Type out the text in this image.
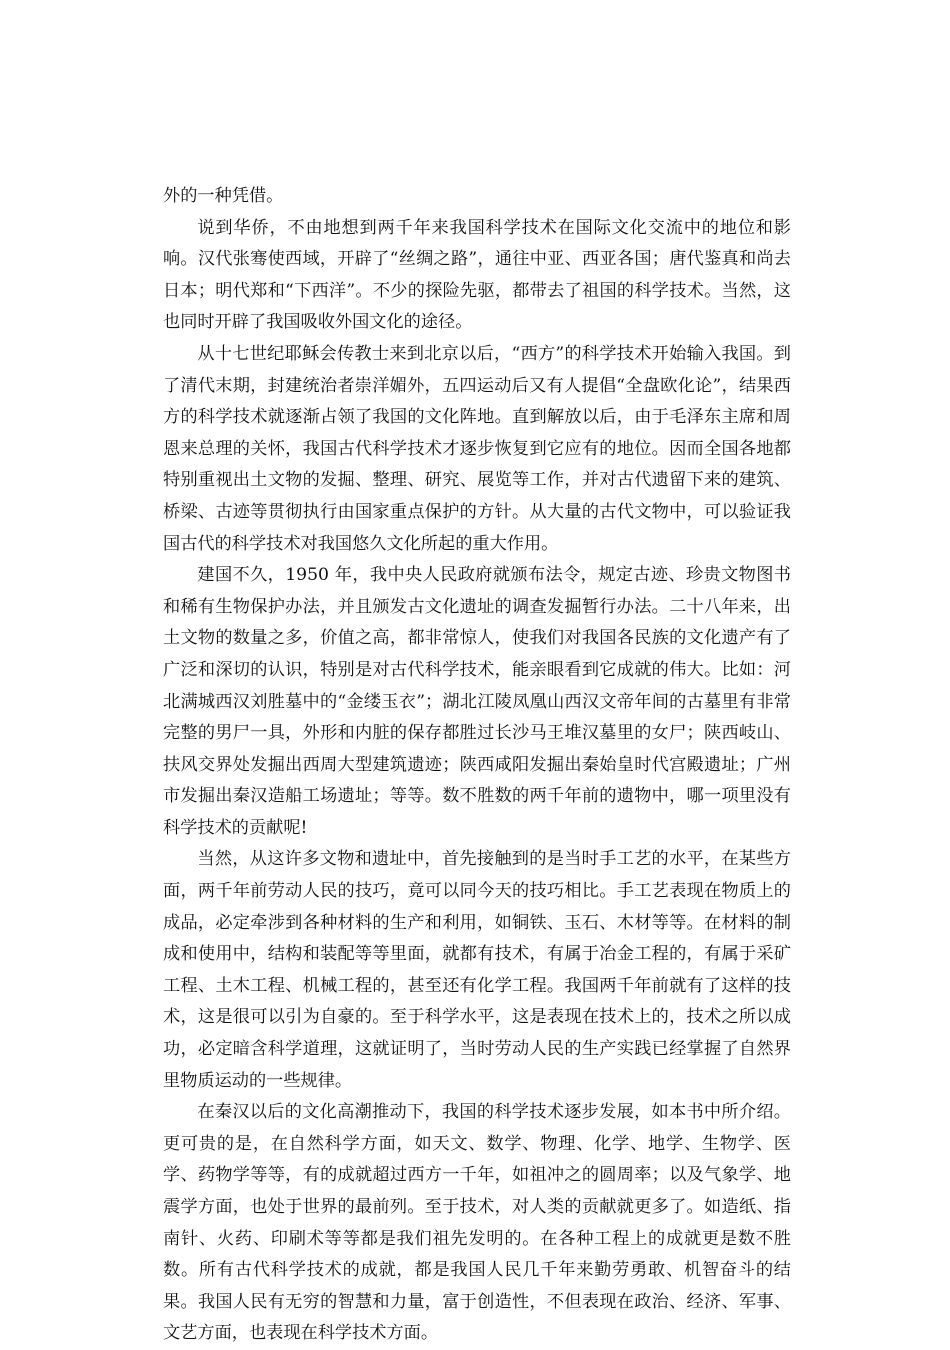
外的一种凭借。

说到华侨，不由地想到两千年来我国科学技术在国际文化交流中的地位和影响。汉代张骞使西域，开辟了“丝绸之路”，通往中亚、西亚各国；唐代鉴真和尚去日本；明代郑和“下西洋”。不少的探险先驱，都带去了祖国的科学技术。当然，这也同时开辟了我国吸收外国文化的途径。

从十七世纪耶稣会传教士来到北京以后，“西方”的科学技术开始输入我国。到了清代末期，封建统治者崇洋媚外，五四运动后又有人提倡“全盘欧化论”，结果西方的科学技术就逐渐占领了我国的文化阵地。直到解放以后，由于毛泽东主席和周恩来总理的关怀，我国古代科学技术才逐步恢复到它应有的地位。因而全国各地都特别重视出土文物的发掘、整理、研究、展览等工作，并对古代遗留下来的建筑、桥梁、古迹等贯彻执行由国家重点保护的方针。从大量的古代文物中，可以验证我国古代的科学技术对我国悠久文化所起的重大作用。

建国不久，1950 年，我中央人民政府就颁布法令，规定古迹、珍贵文物图书和稀有生物保护办法，并且颁发古文化遗址的调查发掘暂行办法。二十八年来，出土文物的数量之多，价值之高，都非常惊人，使我们对我国各民族的文化遗产有了广泛和深切的认识，特别是对古代科学技术，能亲眼看到它成就的伟大。比如：河北满城西汉刘胜墓中的“金缕玉衣”；湖北江陵凤凰山西汉文帝年间的古墓里有非常完整的男尸一具，外形和内脏的保存都胜过长沙马王堆汉墓里的女尸；陕西岐山、扶风交界处发掘出西周大型建筑遗迹；陕西咸阳发掘出秦始皇时代宫殿遗址；广州市发掘出秦汉造船工场遗址；等等。数不胜数的两千年前的遗物中，哪一项里没有科学技术的贡献呢!

当然，从这许多文物和遗址中，首先接触到的是当时手工艺的水平，在某些方面，两千年前劳动人民的技巧，竟可以同今天的技巧相比。手工艺表现在物质上的成品，必定牵涉到各种材料的生产和利用，如铜铁、玉石、木材等等。在材料的制成和使用中，结构和装配等等里面，就都有技术，有属于冶金工程的，有属于采矿工程、土木工程、机械工程的，甚至还有化学工程。我国两千年前就有了这样的技术，这是很可以引为自豪的。至于科学水平，这是表现在技术上的，技术之所以成功，必定暗含科学道理，这就证明了，当时劳动人民的生产实践已经掌握了自然界里物质运动的一些规律。

在秦汉以后的文化高潮推动下，我国的科学技术逐步发展，如本书中所介绍。更可贵的是，在自然科学方面，如天文、数学、物理、化学、地学、生物学、医学、药物学等等，有的成就超过西方一千年，如祖冲之的圆周率；以及气象学、地震学方面，也处于世界的最前列。至于技术，对人类的贡献就更多了。如造纸、指南针、火药、印刷术等等都是我们祖先发明的。在各种工程上的成就更是数不胜数。所有古代科学技术的成就，都是我国人民几千年来勤劳勇敢、机智奋斗的结果。我国人民有无穷的智慧和力量，富于创造性，不但表现在政治、经济、军事、文艺方面，也表现在科学技术方面。
